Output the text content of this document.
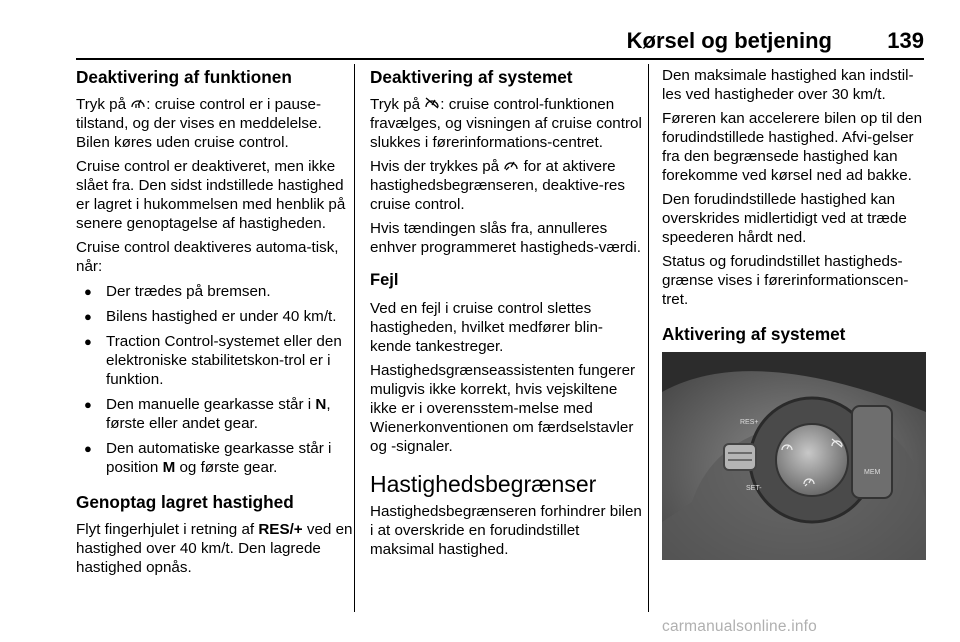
Kørsel og betjening	139
Deaktivering af funktionen

Tryk på : cruise control er i pause-tilstand, og der vises en meddelelse. Bilen køres uden cruise control.

Cruise control er deaktiveret, men ikke slået fra. Den sidst indstillede hastighed er lagret i hukommelsen med henblik på senere genoptagelse af hastigheden.

Cruise control deaktiveres automa-tisk, når:

● Der trædes på bremsen.
● Bilens hastighed er under 40 km/t.
● Traction Control-systemet eller den elektroniske stabilitetskon-trol er i funktion.
● Den manuelle gearkasse står i N, første eller andet gear.
● Den automatiske gearkasse står i position M og første gear.
Genoptag lagret hastighed

Flyt fingerhjulet i retning af RES/+ ved en hastighed over 40 km/t. Den lagrede hastighed opnås.

Deaktivering af systemet

Tryk på : cruise control-funktionen fravælges, og visningen af cruise control slukkes i førerinformations-centret.

Hvis der trykkes på  for at aktivere hastighedsbegrænseren, deaktive-res cruise control.

Hvis tændingen slås fra, annulleres enhver programmeret hastigheds-værdi.

Fejl

Ved en fejl i cruise control slettes hastigheden, hvilket medfører blin-kende tankestreger.

Hastighedsgrænseassistenten fungerer muligvis ikke korrekt, hvis vejskiltene ikke er i overensstem-melse med Wienerkonventionen om færdselstavler og -signaler.

Hastighedsbegrænser

Hastighedsbegrænseren forhindrer bilen i at overskride en forudindstillet maksimal hastighed.

Den maksimale hastighed kan indstil-les ved hastigheder over 30 km/t.

Føreren kan accelerere bilen op til den forudindstillede hastighed. Afvi-gelser fra den begrænsede hastighed kan forekomme ved kørsel ned ad bakke.

Den forudindstillede hastighed kan overskrides midlertidigt ved at træde speederen hårdt ned.

Status og forudindstillet hastigheds-grænse vises i førerinformationscen-tret.

Aktivering af systemet
RES+
SET-
MEM
carmanualsonline.info
